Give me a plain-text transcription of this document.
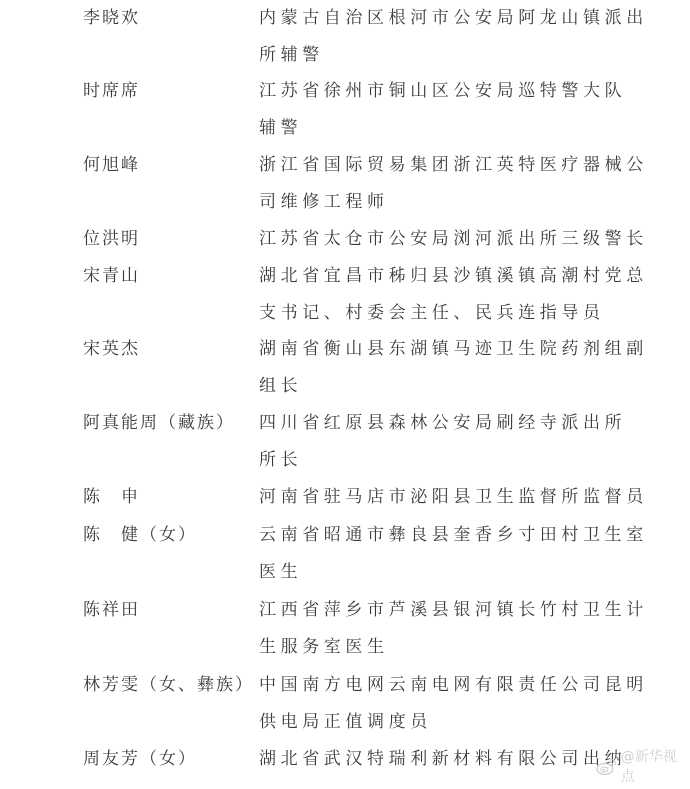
李晓欢	内蒙古自治区根河市公安局阿龙山镇派出
所辅警
时席席	江苏省徐州市铜山区公安局巡特警大队
辅警
何旭峰	浙江省国际贸易集团浙江英特医疗器械公
司维修工程师
位洪明	江苏省太仓市公安局浏河派出所三级警长
宋青山	湖北省宜昌市秭归县沙镇溪镇高潮村党总
支书记、村委会主任、民兵连指导员
宋英杰	湖南省衡山县东湖镇马迹卫生院药剂组副
组长
阿真能周（藏族） 四川省红原县森林公安局刷经寺派出所
所长
陈　申	河南省驻马店市泌阳县卫生监督所监督员
陈　健（女）	云南省昭通市彝良县奎香乡寸田村卫生室
医生
陈祥田	江西省萍乡市芦溪县银河镇长竹村卫生计
生服务室医生
林芳雯（女、彝族） 中国南方电网云南电网有限责任公司昆明
供电局正值调度员
周友芳（女）	湖北省武汉特瑞利新材料有限公司出纳
@新华视点
